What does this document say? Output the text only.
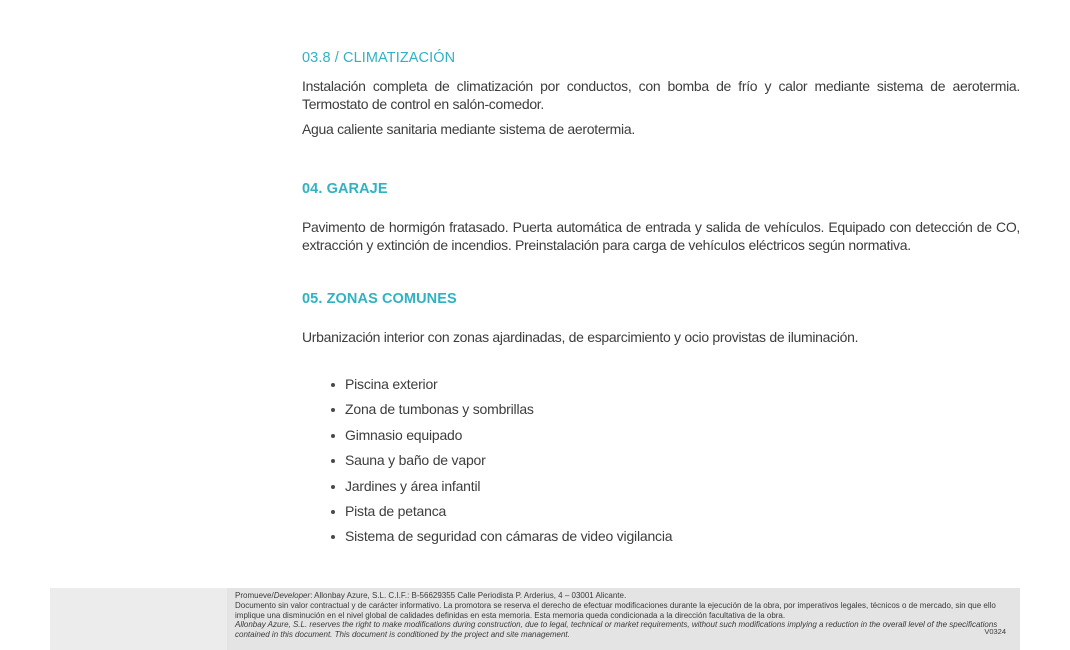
03.8 / CLIMATIZACIÓN

Instalación completa de climatización por conductos, con bomba de frío y calor mediante sistema de aerotermia. Termostato de control en salón-comedor.

Agua caliente sanitaria mediante sistema de aerotermia.

04. GARAJE

Pavimento de hormigón fratasado. Puerta automática de entrada y salida de vehículos. Equipado con detección de CO, extracción y extinción de incendios. Preinstalación para carga de vehículos eléctricos según normativa.

05. ZONAS COMUNES

Urbanización interior con zonas ajardinadas, de esparcimiento y ocio provistas de iluminación.

Piscina exterior
Zona de tumbonas y sombrillas
Gimnasio equipado
Sauna y baño de vapor
Jardines y área infantil
Pista de petanca
Sistema de seguridad con cámaras de video vigilancia

Promueve/Developer: Allonbay Azure, S.L. C.I.F.: B-56629355 Calle Periodista P. Arderius, 4 – 03001 Alicante.

Documento sin valor contractual y de carácter informativo. La promotora se reserva el derecho de efectuar modificaciones durante la ejecución de la obra, por imperativos legales, técnicos o de mercado, sin que ello implique una disminución en el nivel global de calidades definidas en esta memoria. Esta memoria queda condicionada a la dirección facultativa de la obra.

Allonbay Azure, S.L. reserves the right to make modifications during construction, due to legal, technical or market requirements, without such modifications implying a reduction in the overall level of the specifications contained in this document. This document is conditioned by the project and site management.	V0324
